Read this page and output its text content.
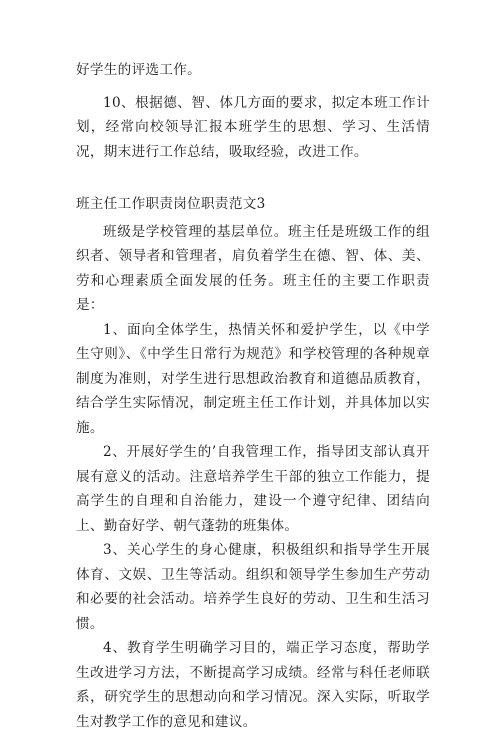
好学生的评选工作。

10、根据德、智、体几方面的要求，拟定本班工作计划，经常向校领导汇报本班学生的思想、学习、生活情况，期末进行工作总结，吸取经验，改进工作。

班主任工作职责岗位职责范文3

班级是学校管理的基层单位。班主任是班级工作的组织者、领导者和管理者，肩负着学生在德、智、体、美、劳和心理素质全面发展的任务。班主任的主要工作职责是：

1、面向全体学生，热情关怀和爱护学生，以《中学生守则》、《中学生日常行为规范》和学校管理的各种规章制度为准则，对学生进行思想政治教育和道德品质教育，结合学生实际情况，制定班主任工作计划，并具体加以实施。

2、开展好学生的’自我管理工作，指导团支部认真开展有意义的活动。注意培养学生干部的独立工作能力，提高学生的自理和自治能力，建设一个遵守纪律、团结向上、勤奋好学、朝气蓬勃的班集体。

3、关心学生的身心健康，积极组织和指导学生开展体育、文娱、卫生等活动。组织和领导学生参加生产劳动和必要的社会活动。培养学生良好的劳动、卫生和生活习惯。

4、教育学生明确学习目的，端正学习态度，帮助学生改进学习方法，不断提高学习成绩。经常与科任老师联系，研究学生的思想动向和学习情况。深入实际，听取学生对教学工作的意见和建议。
